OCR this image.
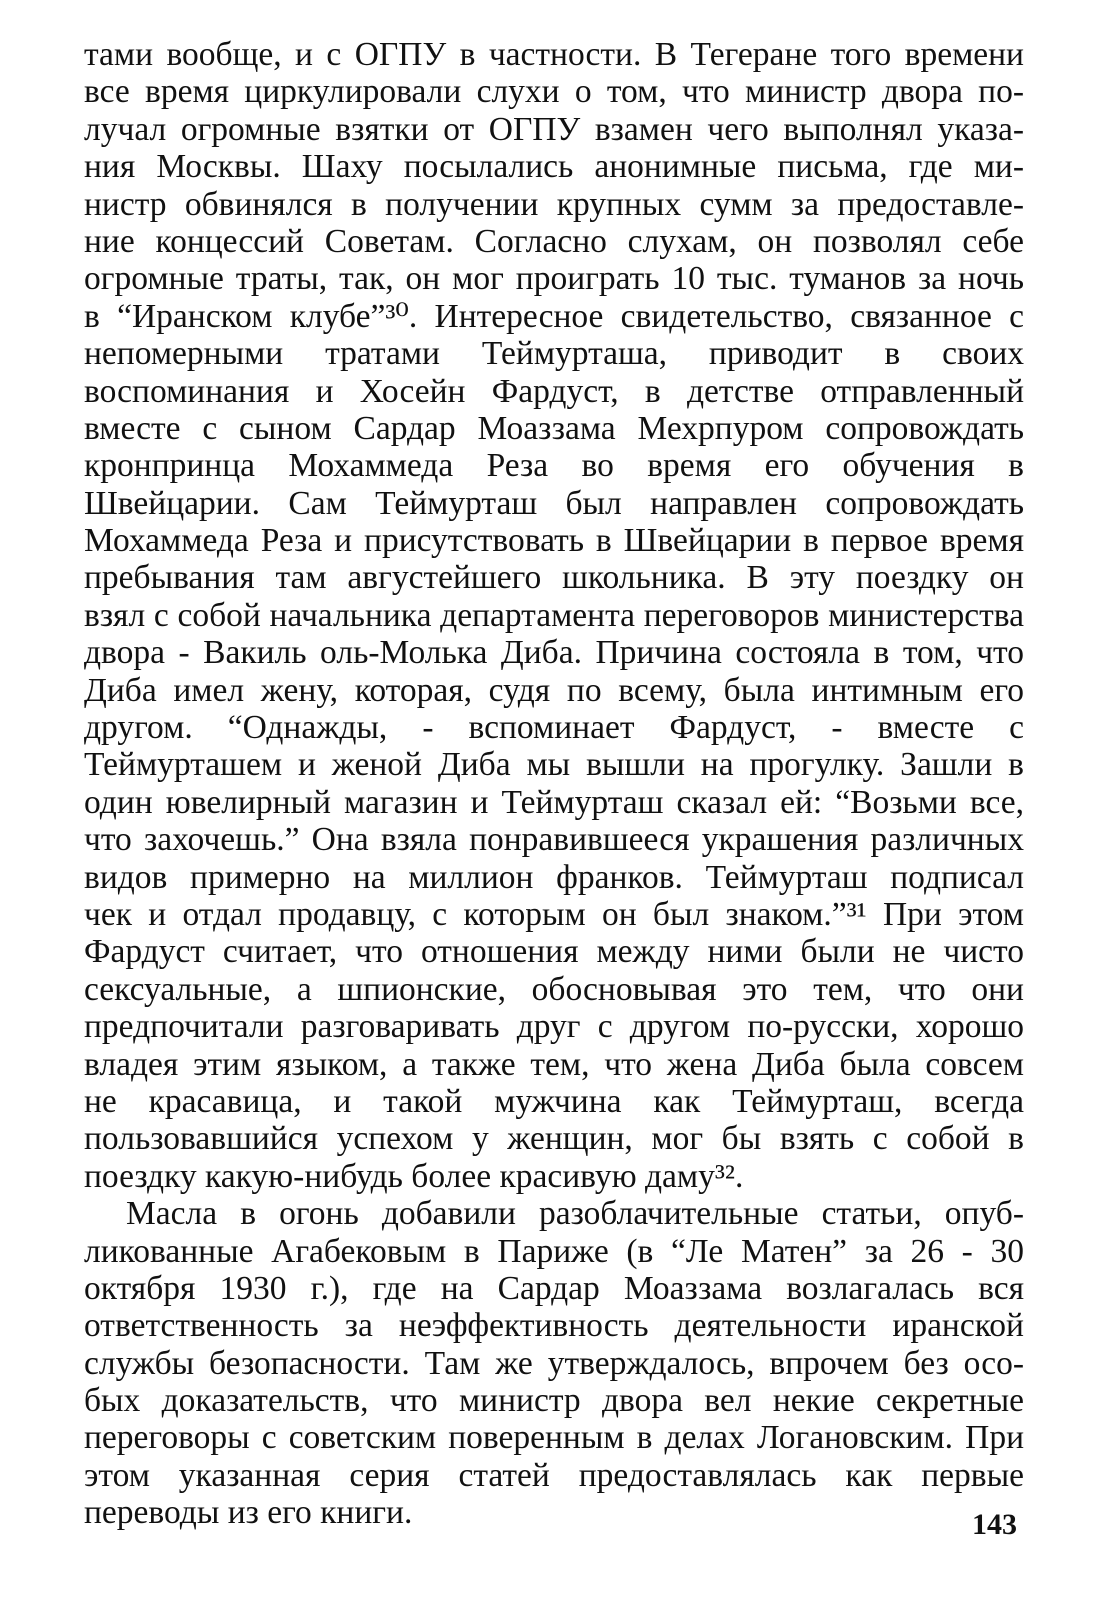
тами вообще, и с ОГПУ в частности. В Тегеране того времени
все время циркулировали слухи о том, что министр двора по-
лучал огромные взятки от ОГПУ взамен чего выполнял указа-
ния Москвы. Шаху посылались анонимные письма, где ми-
нистр обвинялся в получении крупных сумм за предоставле-
ние концессий Советам. Согласно слухам, он позволял себе
огромные траты, так, он мог проиграть 10 тыс. туманов за ночь
в “Иранском клубе”³⁰. Интересное свидетельство, связанное с
непомерными тратами Теймурташа, приводит в своих
воспоминания и Хосейн Фардуст, в детстве отправленный
вместе с сыном Сардар Моаззама Мехрпуром сопровождать
кронпринца Мохаммеда Реза во время его обучения в
Швейцарии. Сам Теймурташ был направлен сопровождать
Мохаммеда Реза и присутствовать в Швейцарии в первое время
пребывания там августейшего школьника. В эту поездку он
взял с собой начальника департамента переговоров министерства
двора - Вакиль оль-Молька Диба. Причина состояла в том, что
Диба имел жену, которая, судя по всему, была интимным его
другом. “Однажды, - вспоминает Фардуст, - вместе с
Теймурташем и женой Диба мы вышли на прогулку. Зашли в
один ювелирный магазин и Теймурташ сказал ей: “Возьми все,
что захочешь.” Она взяла понравившееся украшения различных
видов примерно на миллион франков. Теймурташ подписал
чек и отдал продавцу, с которым он был знаком.”³¹ При этом
Фардуст считает, что отношения между ними были не чисто
сексуальные, а шпионские, обосновывая это тем, что они
предпочитали разговаривать друг с другом по-русски, хорошо
владея этим языком, а также тем, что жена Диба была совсем
не красавица, и такой мужчина как Теймурташ, всегда
пользовавшийся успехом у женщин, мог бы взять с собой в
поездку какую-нибудь более красивую даму³².
Масла в огонь добавили разоблачительные статьи, опуб-
ликованные Агабековым в Париже (в “Ле Матен” за 26 - 30
октября 1930 г.), где на Сардар Моаззама возлагалась вся
ответственность за неэффективность деятельности иранской
службы безопасности. Там же утверждалось, впрочем без осо-
бых доказательств, что министр двора вел некие секретные
переговоры с советским поверенным в делах Логановским. При
этом указанная серия статей предоставлялась как первые
переводы из его книги.	143
